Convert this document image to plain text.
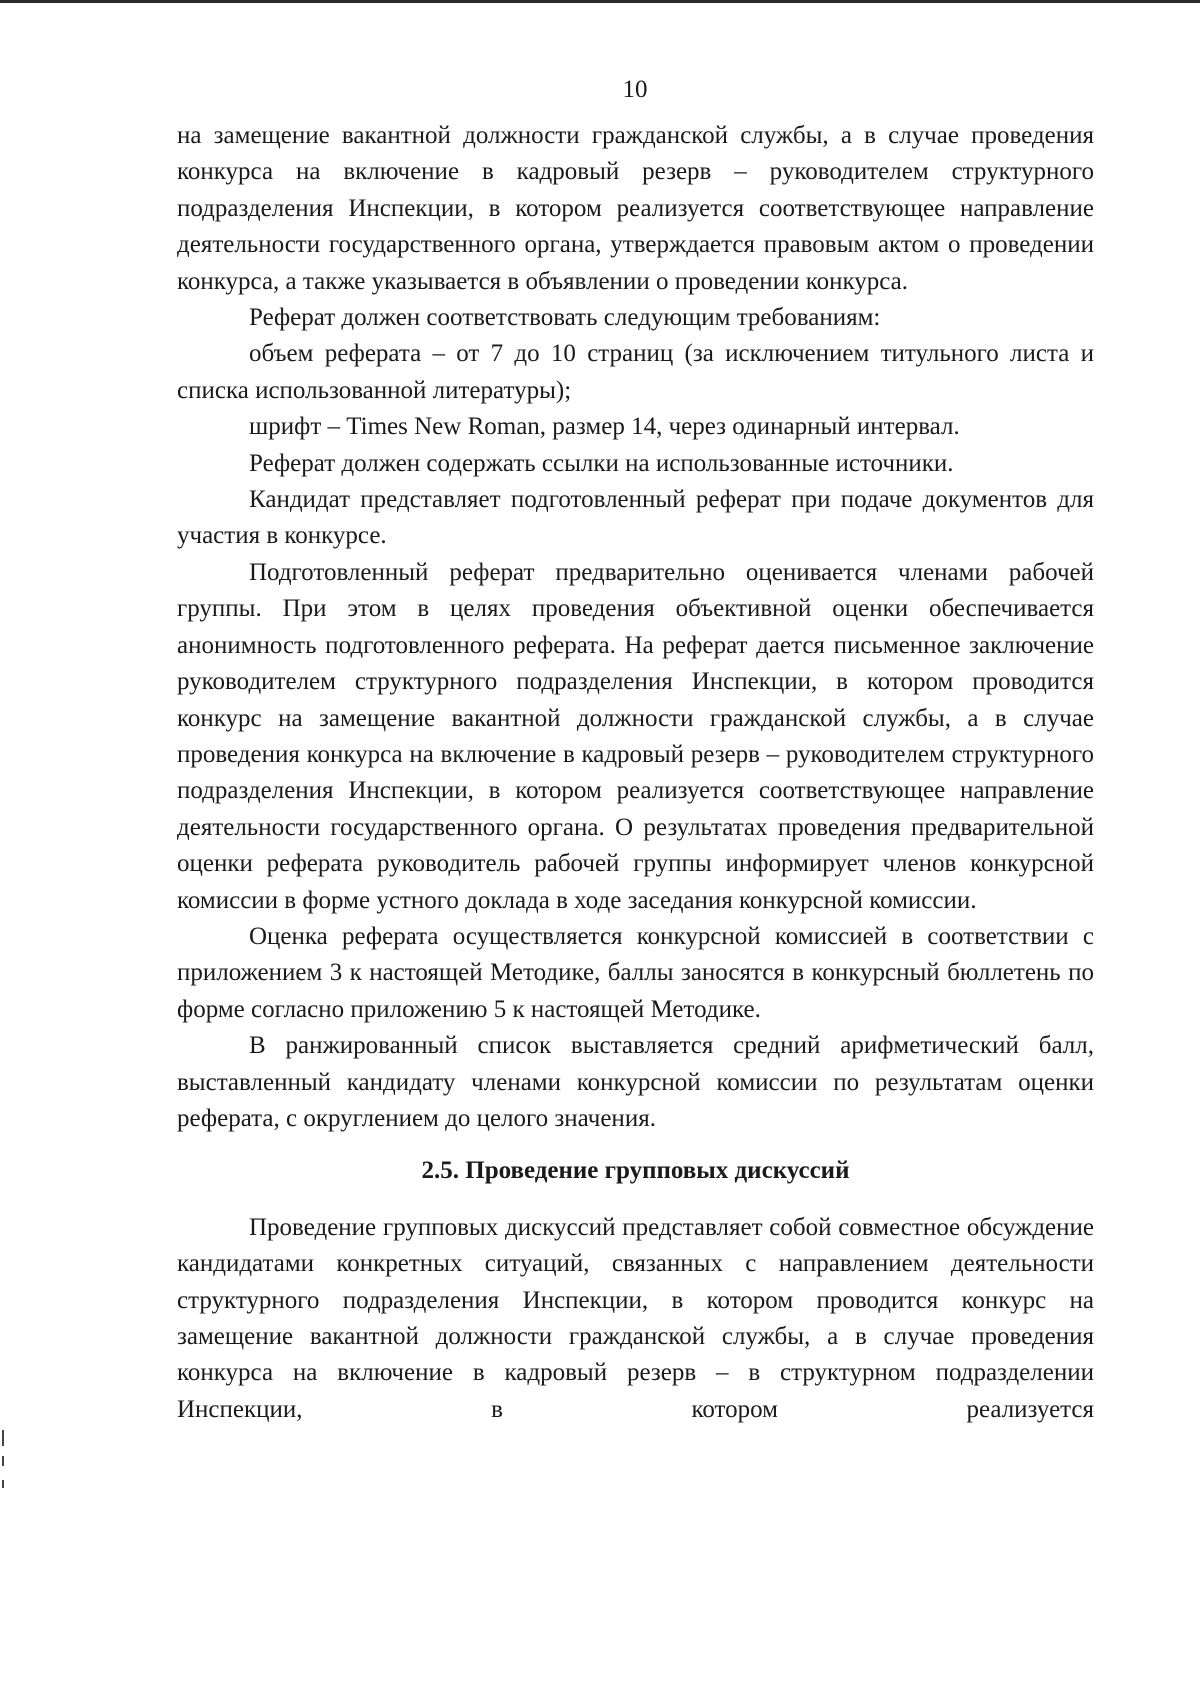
10

на замещение вакантной должности гражданской службы, а в случае проведения конкурса на включение в кадровый резерв – руководителем структурного подразделения Инспекции, в котором реализуется соответствующее направление деятельности государственного органа, утверждается правовым актом о проведении конкурса, а также указывается в объявлении о проведении конкурса.

Реферат должен соответствовать следующим требованиям:

объем реферата – от 7 до 10 страниц (за исключением титульного листа и списка использованной литературы);

шрифт – Times New Roman, размер 14, через одинарный интервал.

Реферат должен содержать ссылки на использованные источники.

Кандидат представляет подготовленный реферат при подаче документов для участия в конкурсе.

Подготовленный реферат предварительно оценивается членами рабочей группы. При этом в целях проведения объективной оценки обеспечивается анонимность подготовленного реферата. На реферат дается письменное заключение руководителем структурного подразделения Инспекции, в котором проводится конкурс на замещение вакантной должности гражданской службы, а в случае проведения конкурса на включение в кадровый резерв – руководителем структурного подразделения Инспекции, в котором реализуется соответствующее направление деятельности государственного органа. О результатах проведения предварительной оценки реферата руководитель рабочей группы информирует членов конкурсной комиссии в форме устного доклада в ходе заседания конкурсной комиссии.

Оценка реферата осуществляется конкурсной комиссией в соответствии с приложением 3 к настоящей Методике, баллы заносятся в конкурсный бюллетень по форме согласно приложению 5 к настоящей Методике.

В ранжированный список выставляется средний арифметический балл, выставленный кандидату членами конкурсной комиссии по результатам оценки реферата, с округлением до целого значения.

2.5. Проведение групповых дискуссий

Проведение групповых дискуссий представляет собой совместное обсуждение кандидатами конкретных ситуаций, связанных с направлением деятельности структурного подразделения Инспекции, в котором проводится конкурс на замещение вакантной должности гражданской службы, а в случае проведения конкурса на включение в кадровый резерв – в структурном подразделении Инспекции, в котором реализуется
